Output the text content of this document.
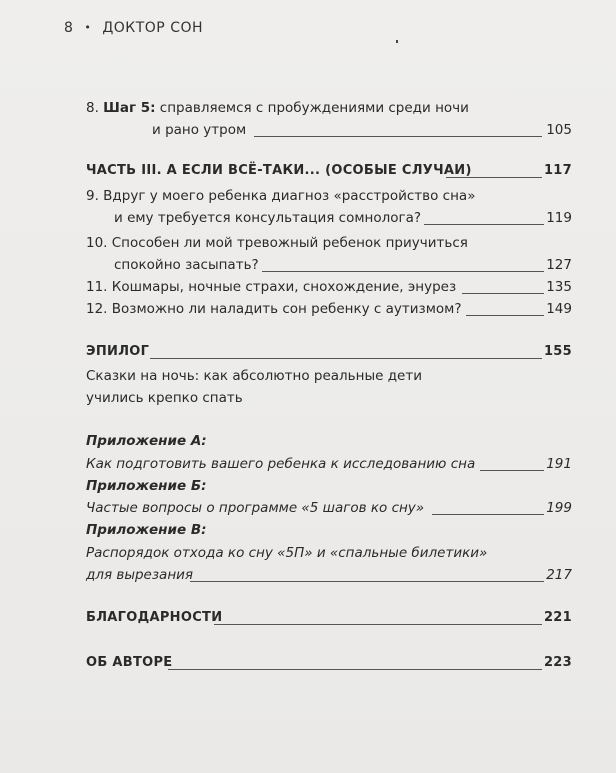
8 • ДОКТОР СОН
8. Шаг 5: справляемся с пробуждениями среди ночи
и рано утром	105
ЧАСТЬ III. А ЕСЛИ ВСЁ-ТАКИ... (ОСОБЫЕ СЛУЧАИ)	117
9. Вдруг у моего ребенка диагноз «расстройство сна»
и ему требуется консультация сомнолога?	119
10. Способен ли мой тревожный ребенок приучиться
спокойно засыпать?	127
11. Кошмары, ночные страхи, снохождение, энурез	135
12. Возможно ли наладить сон ребенку с аутизмом?	149
ЭПИЛОГ	155
Сказки на ночь: как абсолютно реальные дети
учились крепко спать
Приложение А:
Как подготовить вашего ребенка к исследованию сна	191
Приложение Б:
Частые вопросы о программе «5 шагов ко сну»	199
Приложение В:
Распорядок отхода ко сну «5П» и «спальные билетики»
для вырезания	217
БЛАГОДАРНОСТИ	221
ОБ АВТОРЕ	223
